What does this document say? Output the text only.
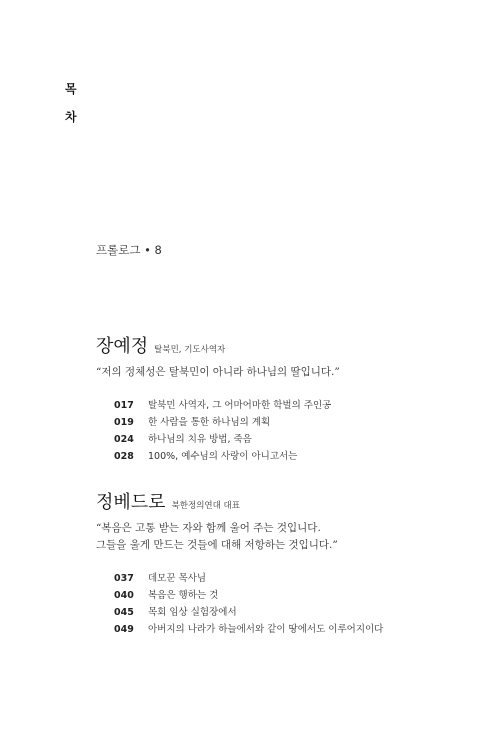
목
차
프롤로그 • 8
장예정 탈북민, 기도사역자
“저의 정체성은 탈북민이 아니라 하나님의 딸입니다.”
017	탈북민 사역자, 그 어마어마한 학벌의 주인공
019	한 사람을 통한 하나님의 계획
024	하나님의 치유 방법, 죽음
028	100%, 예수님의 사랑이 아니고서는
정베드로 북한정의연대 대표
“복음은 고통 받는 자와 함께 울어 주는 것입니다.
그들을 울게 만드는 것들에 대해 저항하는 것입니다.”
037	데모꾼 목사님
040	복음은 행하는 것
045	목회 임상 실험장에서
049	아버지의 나라가 하늘에서와 같이 땅에서도 이루어지이다
